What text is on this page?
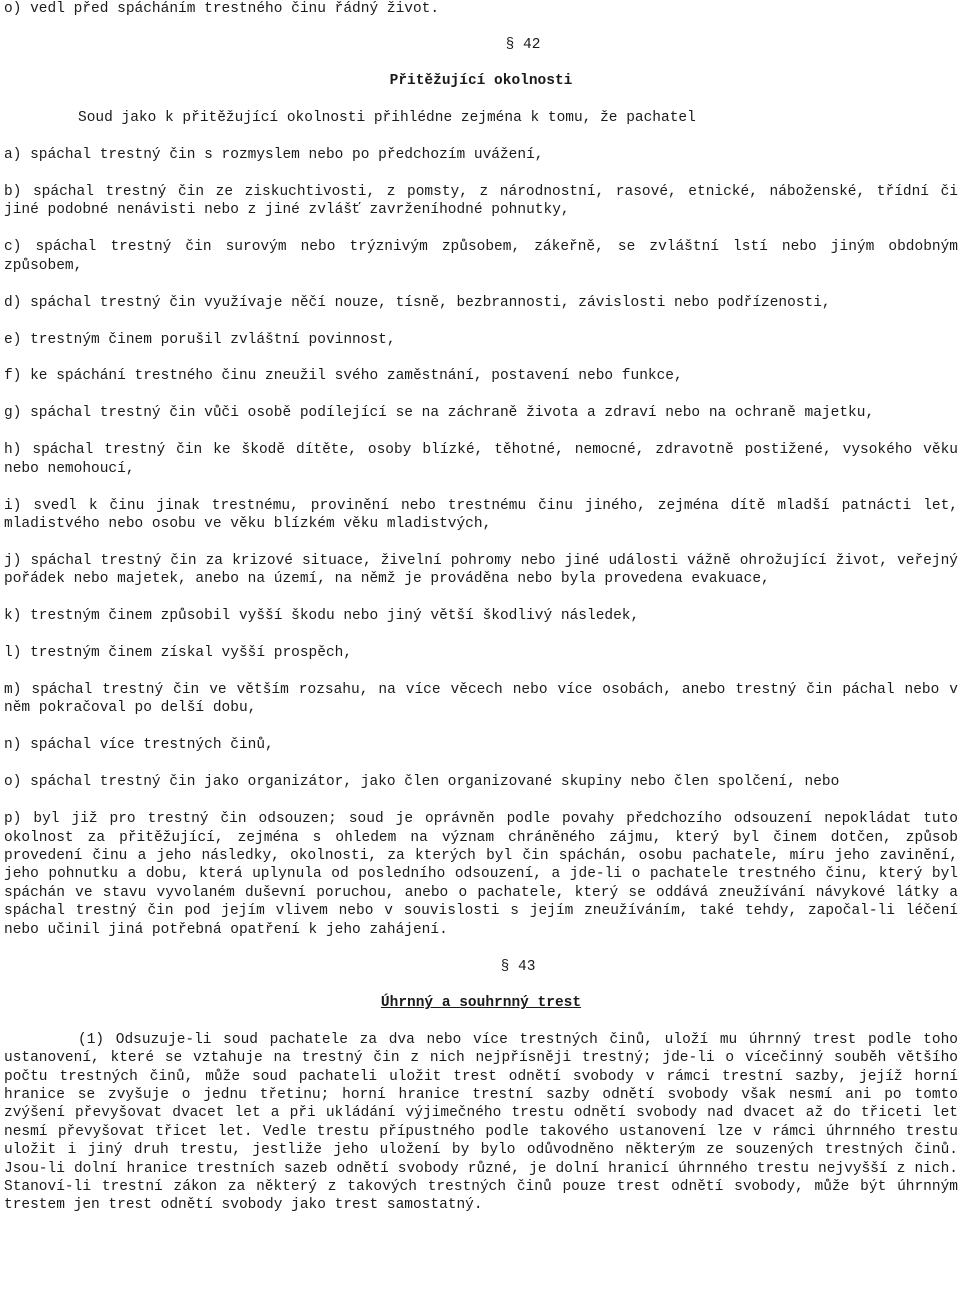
o) vedl před spácháním trestného činu řádný život.

§ 42

Přitěžující okolnosti

Soud jako k přitěžující okolnosti přihlédne zejména k tomu, že pachatel

a) spáchal trestný čin s rozmyslem nebo po předchozím uvážení,

b) spáchal trestný čin ze ziskuchtivosti, z pomsty, z národnostní, rasové, etnické, náboženské, třídní či jiné podobné nenávisti nebo z jiné zvlášť zavrženíhodné pohnutky,

c) spáchal trestný čin surovým nebo trýznivým způsobem, zákeřně, se zvláštní lstí nebo jiným obdobným způsobem,

d) spáchal trestný čin využívaje něčí nouze, tísně, bezbrannosti, závislosti nebo podřízenosti,

e) trestným činem porušil zvláštní povinnost,

f) ke spáchání trestného činu zneužil svého zaměstnání, postavení nebo funkce,

g) spáchal trestný čin vůči osobě podílející se na záchraně života a zdraví nebo na ochraně majetku,

h) spáchal trestný čin ke škodě dítěte, osoby blízké, těhotné, nemocné, zdravotně postižené, vysokého věku nebo nemohoucí,

i) svedl k činu jinak trestnému, provinění nebo trestnému činu jiného, zejména dítě mladší patnácti let, mladistvého nebo osobu ve věku blízkém věku mladistvých,

j) spáchal trestný čin za krizové situace, živelní pohromy nebo jiné události vážně ohrožující život, veřejný pořádek nebo majetek, anebo na území, na němž je prováděna nebo byla provedena evakuace,

k) trestným činem způsobil vyšší škodu nebo jiný větší škodlivý následek,

l) trestným činem získal vyšší prospěch,

m) spáchal trestný čin ve větším rozsahu, na více věcech nebo více osobách, anebo trestný čin páchal nebo v něm pokračoval po delší dobu,

n) spáchal více trestných činů,

o) spáchal trestný čin jako organizátor, jako člen organizované skupiny nebo člen spolčení, nebo

p) byl již pro trestný čin odsouzen; soud je oprávněn podle povahy předchozího odsouzení nepokládat tuto okolnost za přitěžující, zejména s ohledem na význam chráněného zájmu, který byl činem dotčen, způsob provedení činu a jeho následky, okolnosti, za kterých byl čin spáchán, osobu pachatele, míru jeho zavinění, jeho pohnutku a dobu, která uplynula od posledního odsouzení, a jde-li o pachatele trestného činu, který byl spáchán ve stavu vyvolaném duševní poruchou, anebo o pachatele, který se oddává zneužívání návykové látky a spáchal trestný čin pod jejím vlivem nebo v souvislosti s jejím zneužíváním, také tehdy, započal-li léčení nebo učinil jiná potřebná opatření k jeho zahájení.

§ 43

Úhrnný a souhrnný trest

(1) Odsuzuje-li soud pachatele za dva nebo více trestných činů, uloží mu úhrnný trest podle toho ustanovení, které se vztahuje na trestný čin z nich nejpřísněji trestný; jde-li o vícečinný souběh většího počtu trestných činů, může soud pachateli uložit trest odnětí svobody v rámci trestní sazby, jejíž horní hranice se zvyšuje o jednu třetinu; horní hranice trestní sazby odnětí svobody však nesmí ani po tomto zvýšení převyšovat dvacet let a při ukládání výjimečného trestu odnětí svobody nad dvacet až do třiceti let nesmí převyšovat třicet let. Vedle trestu přípustného podle takového ustanovení lze v rámci úhrnného trestu uložit i jiný druh trestu, jestliže jeho uložení by bylo odůvodněno některým ze souzených trestných činů. Jsou-li dolní hranice trestních sazeb odnětí svobody různé, je dolní hranicí úhrnného trestu nejvyšší z nich. Stanoví-li trestní zákon za některý z takových trestných činů pouze trest odnětí svobody, může být úhrnným trestem jen trest odnětí svobody jako trest samostatný.
